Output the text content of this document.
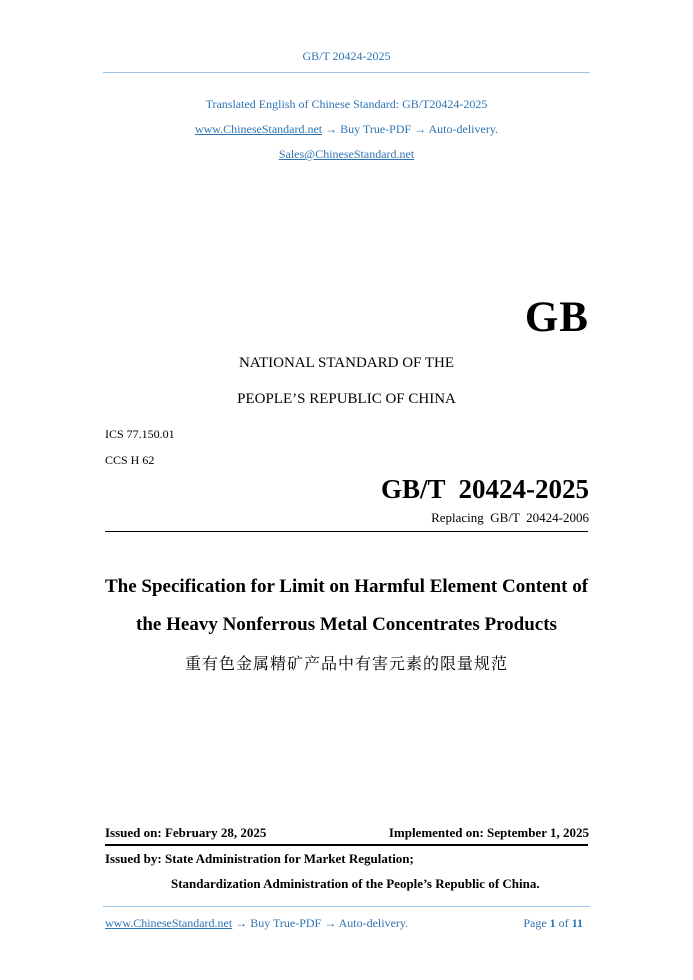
GB/T 20424-2025
Translated English of Chinese Standard: GB/T20424-2025
www.ChineseStandard.net → Buy True-PDF → Auto-delivery.
Sales@ChineseStandard.net
GB
NATIONAL STANDARD OF THE
PEOPLE’S REPUBLIC OF CHINA
ICS 77.150.01
CCS H 62
GB/T  20424-2025
Replacing  GB/T  20424-2006
The Specification for Limit on Harmful Element Content of
the Heavy Nonferrous Metal Concentrates Products
重有色金属精矿产品中有害元素的限量规范
Issued on: February 28, 2025	Implemented on: September 1, 2025
Issued by: State Administration for Market Regulation;
Standardization Administration of the People’s Republic of China.
www.ChineseStandard.net → Buy True-PDF → Auto-delivery.	Page 1 of 11
